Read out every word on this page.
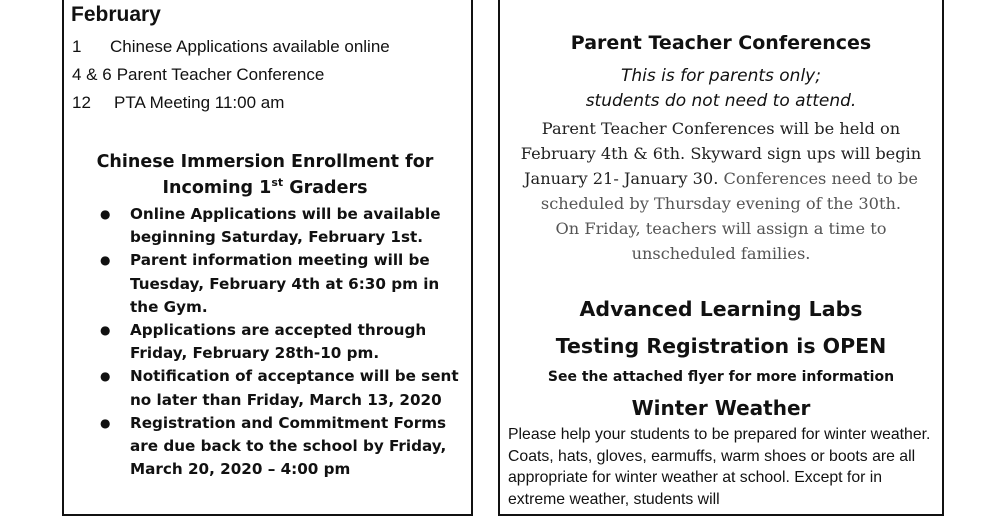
February
1 Chinese Applications available online
4 & 6 Parent Teacher Conference
12 PTA Meeting 11:00 am
Chinese Immersion Enrollment for
Incoming 1st Graders
● Online Applications will be available beginning Saturday, February 1st.
● Parent information meeting will be Tuesday, February 4th at 6:30 pm in the Gym.
● Applications are accepted through Friday, February 28th-10 pm.
● Notification of acceptance will be sent no later than Friday, March 13, 2020
● Registration and Commitment Forms are due back to the school by Friday, March 20, 2020 – 4:00 pm
Parent Teacher Conferences
This is for parents only;
students do not need to attend.
Parent Teacher Conferences will be held on
February 4th & 6th. Skyward sign ups will begin
January 21- January 30. Conferences need to be
scheduled by Thursday evening of the 30th.
On Friday, teachers will assign a time to
unscheduled families.
Advanced Learning Labs
Testing Registration is OPEN
See the attached flyer for more information
Winter Weather
Please help your students to be prepared for winter weather. Coats, hats, gloves, earmuffs, warm shoes or boots are all appropriate for winter weather at school. Except for in extreme weather, students will
